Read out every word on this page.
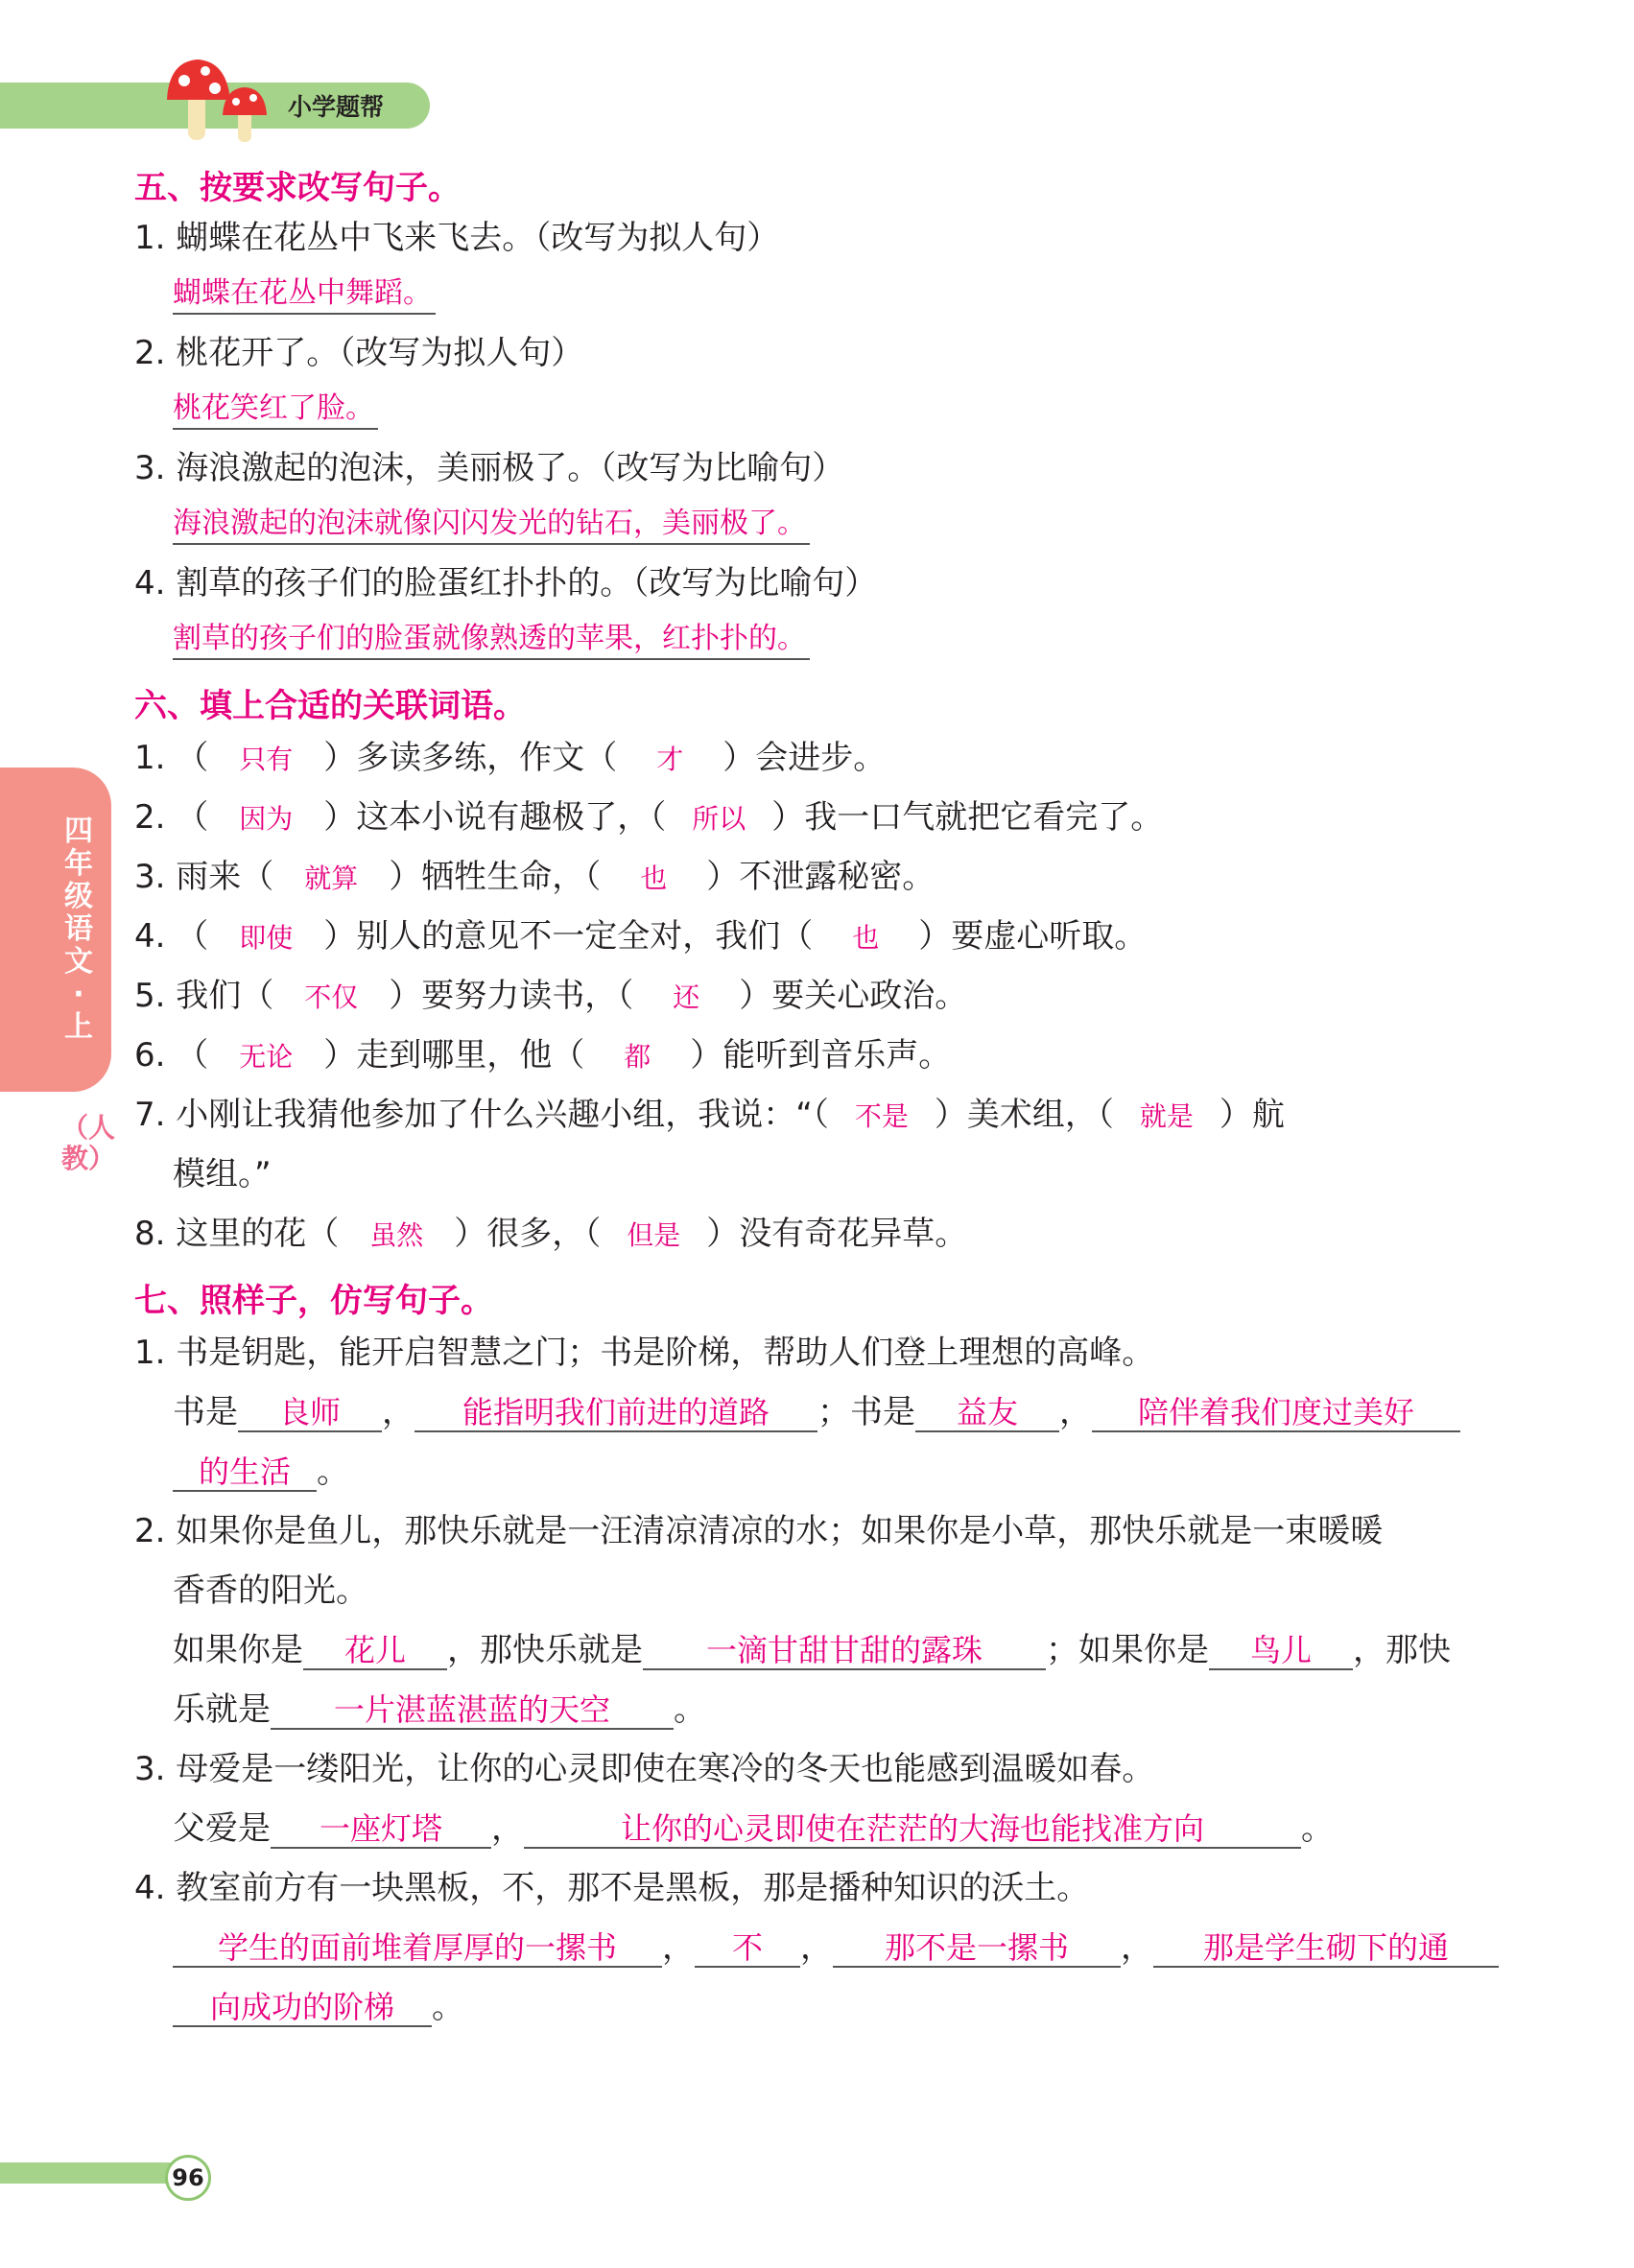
小学题帮
四年级语文·上
（人教）
五、按要求改写句子。
1. 蝴蝶在花丛中飞来飞去。（改写为拟人句）
蝴蝶在花丛中舞蹈。
2. 桃花开了。（改写为拟人句）
桃花笑红了脸。
3. 海浪激起的泡沫，美丽极了。（改写为比喻句）
海浪激起的泡沫就像闪闪发光的钻石，美丽极了。
4. 割草的孩子们的脸蛋红扑扑的。（改写为比喻句）
割草的孩子们的脸蛋就像熟透的苹果，红扑扑的。
六、填上合适的关联词语。
1. （ 只有 ）多读多练，作文（ 才 ）会进步。
2. （ 因为 ）这本小说有趣极了，（ 所以 ）我一口气就把它看完了。
3. 雨来（ 就算 ）牺牲生命，（ 也 ）不泄露秘密。
4. （ 即使 ）别人的意见不一定全对，我们（ 也 ）要虚心听取。
5. 我们（ 不仅 ）要努力读书，（ 还 ）要关心政治。
6. （ 无论 ）走到哪里，他（ 都 ）能听到音乐声。
7. 小刚让我猜他参加了什么兴趣小组，我说：“（ 不是 ）美术组，（ 就是 ）航
模组。”
8. 这里的花（ 虽然 ）很多，（ 但是 ）没有奇花异草。
七、照样子，仿写句子。
1. 书是钥匙，能开启智慧之门；书是阶梯，帮助人们登上理想的高峰。
书是 良师 ， 能指明我们前进的道路 ；书是 益友 ， 陪伴着我们度过美好
的生活 。
2. 如果你是鱼儿，那快乐就是一汪清凉清凉的水；如果你是小草，那快乐就是一束暖暖
香香的阳光。
如果你是 花儿 ，那快乐就是 一滴甘甜甘甜的露珠 ；如果你是 鸟儿 ，那快
乐就是 一片湛蓝湛蓝的天空 。
3. 母爱是一缕阳光，让你的心灵即使在寒冷的冬天也能感到温暖如春。
父爱是 一座灯塔 ，	让你的心灵即使在茫茫的大海也能找准方向	。
4. 教室前方有一块黑板，不，那不是黑板，那是播种知识的沃土。
学生的面前堆着厚厚的一摞书 ， 不 ， 那不是一摞书 ， 那是学生砌下的通
向成功的阶梯 。
96
